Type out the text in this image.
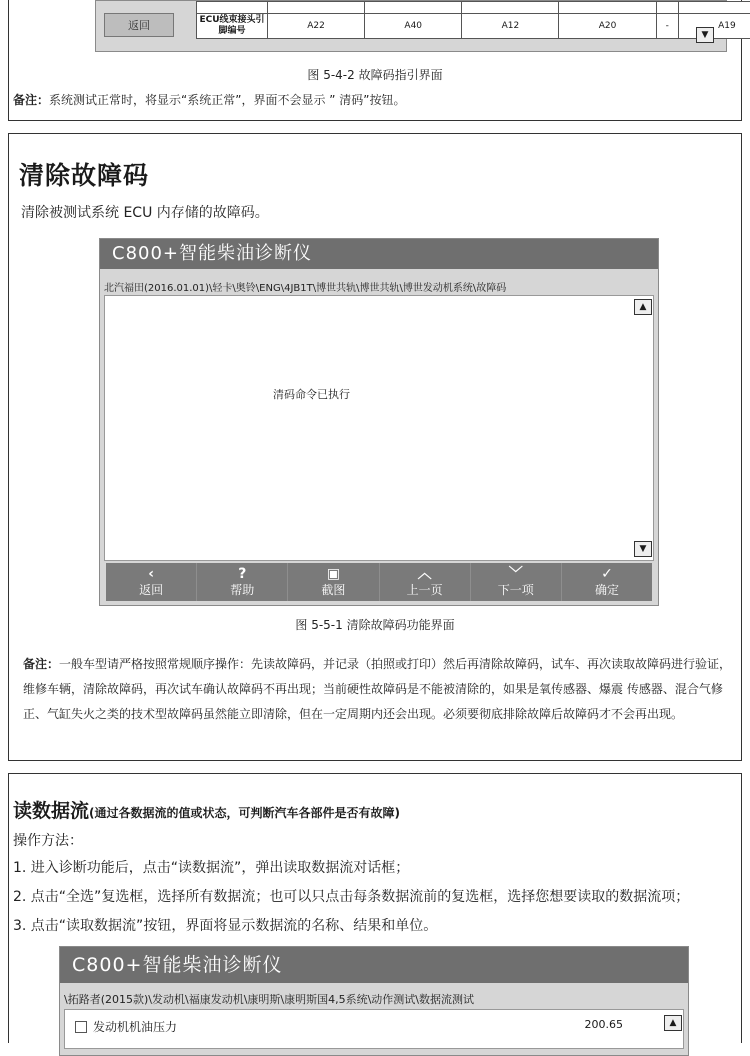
返回
							ECU线束接头引脚编号	A22	A40	A12	A20	-	A19
▼
图 5-4-2 故障码指引界面
备注：系统测试正常时，将显示“系统正常”，界面不会显示 ” 清码”按钮。
清除故障码
清除被测试系统 ECU 内存储的故障码。
C800+智能柴油诊断仪
北汽福田(2016.01.01)\轻卡\奥铃\ENG\4JB1T\博世共轨\博世共轨\博世发动机系统\故障码
清码命令已执行
▲
▼
‹
返回
?
帮助
▣
截图
︿
上一页
﹀
下一项
✓
确定
图 5-5-1 清除故障码功能界面
备注：一般车型请严格按照常规顺序操作：先读故障码，并记录（拍照或打印）然后再清除故障码，试车、再次读取故障码进行验证，维修车辆，清除故障码，再次试车确认故障码不再出现；当前硬性故障码是不能被清除的，如果是氧传感器、爆震 传感器、混合气修正、气缸失火之类的技术型故障码虽然能立即清除，但在一定周期内还会出现。必须要彻底排除故障后故障码才不会再出现。
读数据流(通过各数据流的值或状态，可判断汽车各部件是否有故障)
操作方法：
1. 进入诊断功能后，点击“读数据流”，弹出读取数据流对话框；
2. 点击“全选”复选框，选择所有数据流；也可以只点击每条数据流前的复选框，选择您想要读取的数据流项；
3. 点击“读取数据流”按钮，界面将显示数据流的名称、结果和单位。
C800+智能柴油诊断仪
\拓路者(2015款)\发动机\福康发动机\康明斯\康明斯国4,5系统\动作测试\数据流测试
发动机机油压力	200.65	▲
